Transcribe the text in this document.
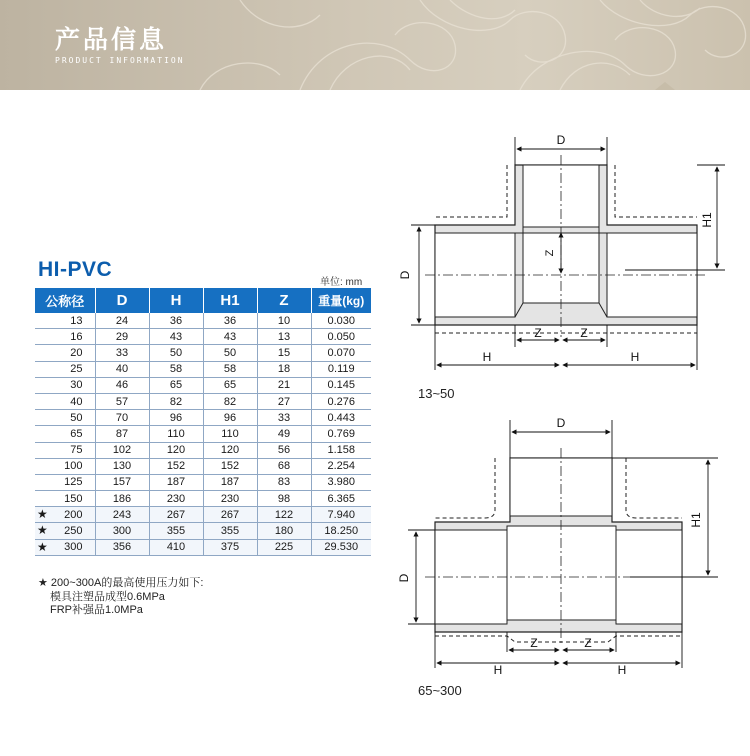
产品信息
PRODUCT INFORMATION
HI-PVC
单位: mm
公称径	D	H	H1	Z	重量(kg)
13	24	36	36	10	0.030
16	29	43	43	13	0.050
20	33	50	50	15	0.070
25	40	58	58	18	0.119
30	46	65	65	21	0.145
40	57	82	82	27	0.276
50	70	96	96	33	0.443
65	87	110	110	49	0.769
75	102	120	120	56	1.158
100	130	152	152	68	2.254
125	157	187	187	83	3.980
150	186	230	230	98	6.365

★ 200	243	267	267	122	7.940

★ 250	300	355	355	180	18.250

★ 300	356	410	375	225	29.530
★ 200~300A的最高使用压力如下:
模具注塑品成型0.6MPa
FRP补强品1.0MPa
D
H1
D
Z
Z	Z
H	H
13~50
D
H1
D
Z	Z
H	H
65~300
